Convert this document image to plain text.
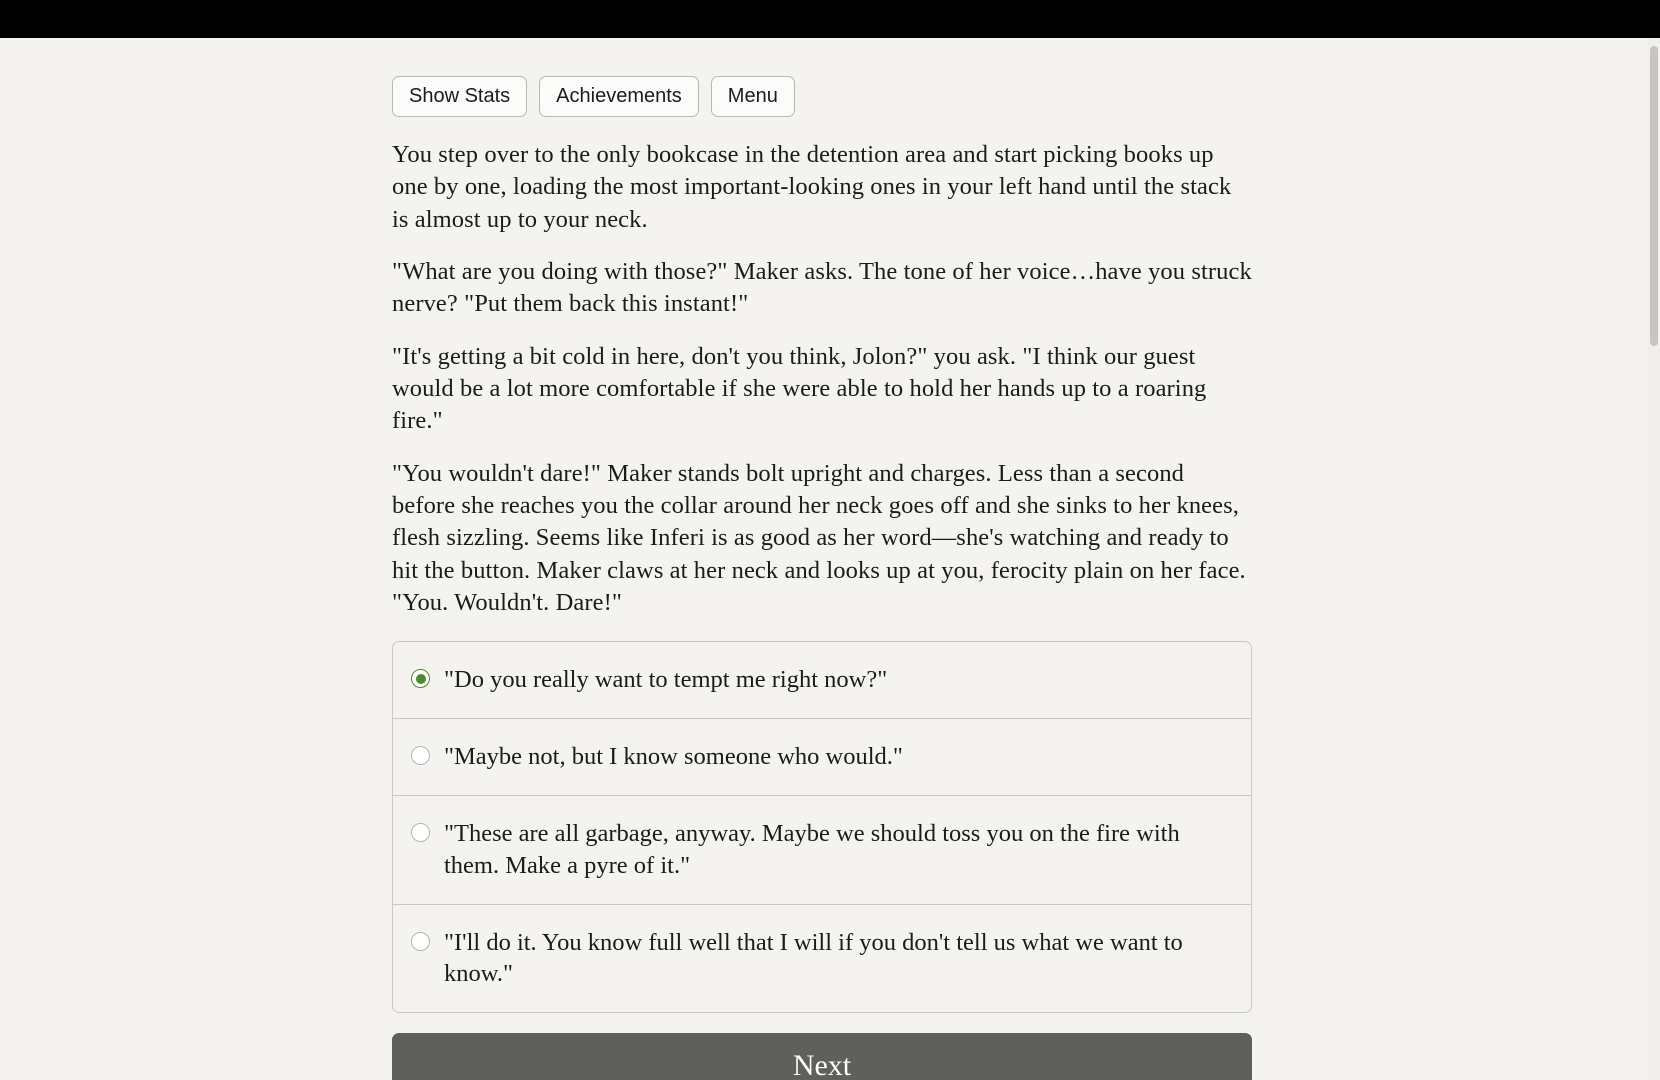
Show Stats	Achievements	Menu

You step over to the only bookcase in the detention area and start picking books up one by one, loading the most important-looking ones in your left hand until the stack is almost up to your neck.

"What are you doing with those?" Maker asks. The tone of her voice…have you struck nerve? "Put them back this instant!"

"It's getting a bit cold in here, don't you think, Jolon?" you ask. "I think our guest would be a lot more comfortable if she were able to hold her hands up to a roaring fire."

"You wouldn't dare!" Maker stands bolt upright and charges. Less than a second before she reaches you the collar around her neck goes off and she sinks to her knees, flesh sizzling. Seems like Inferi is as good as her word—she's watching and ready to hit the button. Maker claws at her neck and looks up at you, ferocity plain on her face. "You. Wouldn't. Dare!"

"Do you really want to tempt me right now?"
"Maybe not, but I know someone who would."
"These are all garbage, anyway. Maybe we should toss you on the fire with them. Make a pyre of it."
"I'll do it. You know full well that I will if you don't tell us what we want to know."
Next
